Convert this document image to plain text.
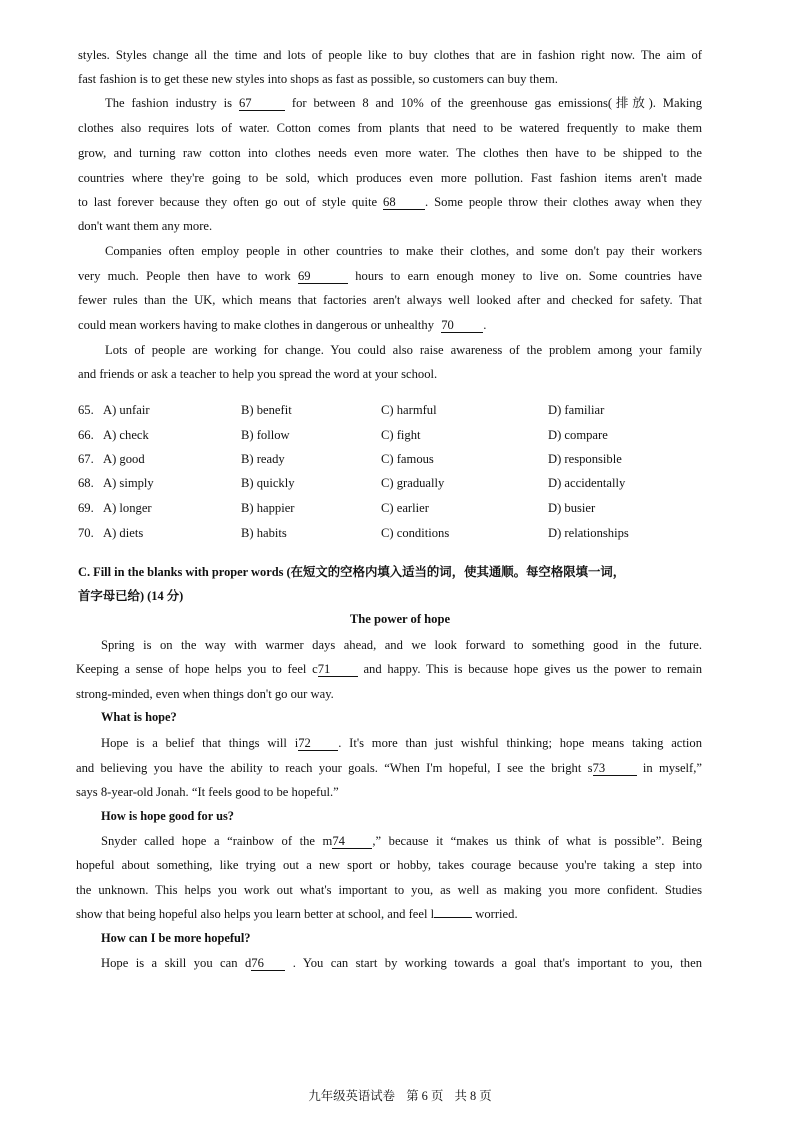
styles. Styles change all the time and lots of people like to buy clothes that are in fashion right now. The aim of
fast fashion is to get these new styles into shops as fast as possible, so customers can buy them.
The fashion industry is 67	for between 8 and 10% of the greenhouse gas emissions(排放). Making
clothes also requires lots of water. Cotton comes from plants that need to be watered frequently to make them
grow, and turning raw cotton into clothes needs even more water. The clothes then have to be shipped to the
countries where they're going to be sold, which produces even more pollution. Fast fashion items aren't made
to last forever because they often go out of style quite 68 . Some people throw their clothes away when they
don't want them any more.
Companies often employ people in other countries to make their clothes, and some don't pay their workers
very much. People then have to work 69	hours to earn enough money to live on. Some countries have
fewer rules than the UK, which means that factories aren't always well looked after and checked for safety. That
could mean workers having to make clothes in dangerous or unhealthy 70 .
Lots of people are working for change. You could also raise awareness of the problem among your family
and friends or ask a teacher to help you spread the word at your school.
65. A) unfair	B) benefit	C) harmful	D) familiar
66. A) check	B) follow	C) fight	D) compare
67. A) good	B) ready	C) famous	D) responsible
68. A) simply	B) quickly	C) gradually	D) accidentally
69. A) longer	B) happier	C) earlier	D) busier
70. A) diets	B) habits	C) conditions	D) relationships
C. Fill in the blanks with proper words (在短文的空格内填入适当的词，使其通顺。每空格限填一词，
首字母已给) (14 分)
The power of hope
Spring is on the way with warmer days ahead, and we look forward to something good in the future.
Keeping a sense of hope helps you to feel c71	and happy. This is because hope gives us the power to remain
strong-minded, even when things don't go our way.
What is hope?
Hope is a belief that things will i72 . It's more than just wishful thinking; hope means taking action
and believing you have the ability to reach your goals. “When I'm hopeful, I see the bright s73	in myself,”
says 8-year-old Jonah. “It feels good to be hopeful.”
How is hope good for us?
Snyder called hope a “rainbow of the m74 ,” because it “makes us think of what is possible”. Being
hopeful about something, like trying out a new sport or hobby, takes courage because you're taking a step into
the unknown. This helps you work out what's important to you, as well as making you more confident. Studies
show that being hopeful also helps you learn better at school, and feel l	worried.
How can I be more hopeful?
Hope is a skill you can d76 . You can start by working towards a goal that's important to you, then
九年级英语试卷 第 6 页 共 8 页
